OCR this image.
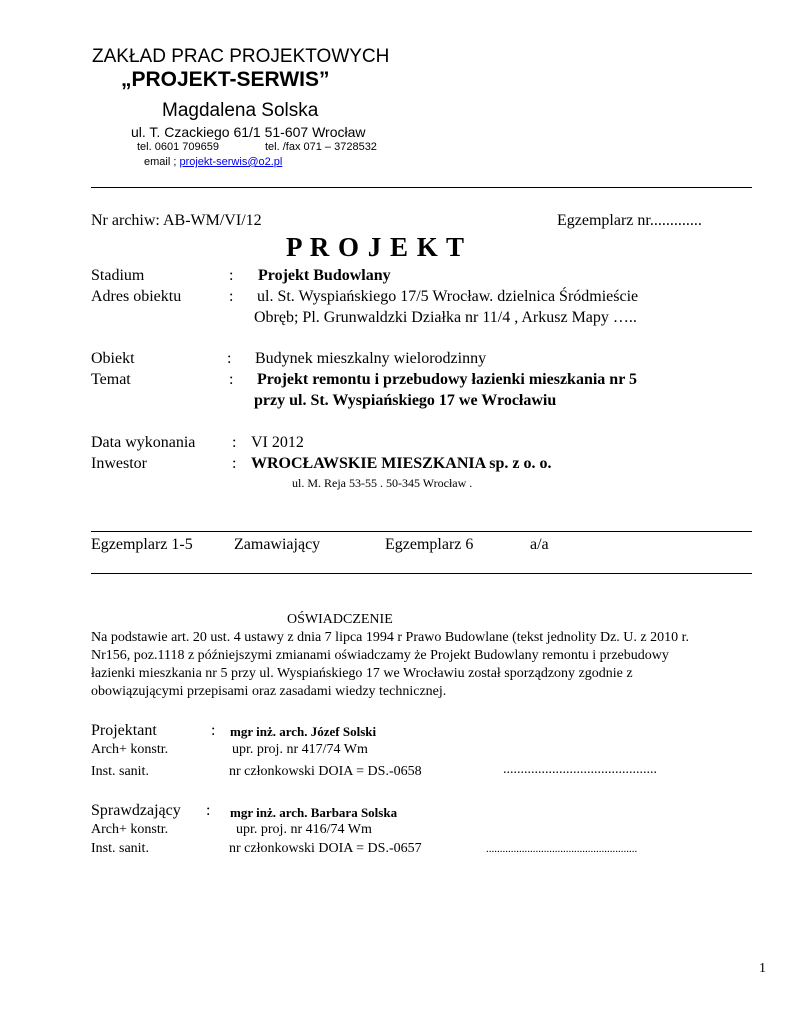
ZAKŁAD PRAC PROJEKTOWYCH
„PROJEKT-SERWIS”
Magdalena Solska
ul. T. Czackiego 61/1 51-607 Wrocław
tel. 0601 709659	tel. /fax 071 – 3728532
email ; projekt-serwis@o2.pl
Nr archiw: AB-WM/VI/12	Egzemplarz nr.............
P R O J E K T
Stadium	: Projekt Budowlany
Adres obiektu	: ul. St. Wyspiańskiego 17/5 Wrocław. dzielnica Śródmieście
Obręb; Pl. Grunwaldzki Działka nr 11/4 , Arkusz Mapy …..
Obiekt	: Budynek mieszkalny wielorodzinny
Temat	: Projekt remontu i przebudowy łazienki mieszkania nr 5
przy ul. St. Wyspiańskiego 17 we Wrocławiu
Data wykonania : VI 2012
Inwestor	: WROCŁAWSKIE MIESZKANIA sp. z o. o.
ul. M. Reja 53-55 . 50-345 Wrocław .
Egzemplarz 1-5	Zamawiający	Egzemplarz 6	a/a
OŚWIADCZENIE
Na podstawie art. 20 ust. 4 ustawy z dnia 7 lipca 1994 r Prawo Budowlane (tekst jednolity Dz. U. z 2010 r.
Nr156, poz.1118 z późniejszymi zmianami oświadczamy że Projekt Budowlany remontu i przebudowy
łazienki mieszkania nr 5 przy ul. Wyspiańskiego 17 we Wrocławiu został sporządzony zgodnie z
obowiązującymi przepisami oraz zasadami wiedzy technicznej.
Projektant	: mgr inż. arch. Józef Solski
Arch+ konstr.	upr. proj. nr 417/74 Wm
Inst. sanit.	nr członkowski DOIA = DS.-0658	............................................
Sprawdzający : mgr inż. arch. Barbara Solska
Arch+ konstr.	upr. proj. nr 416/74 Wm
Inst. sanit.	nr członkowski DOIA = DS.-0657	.......................................................
1
